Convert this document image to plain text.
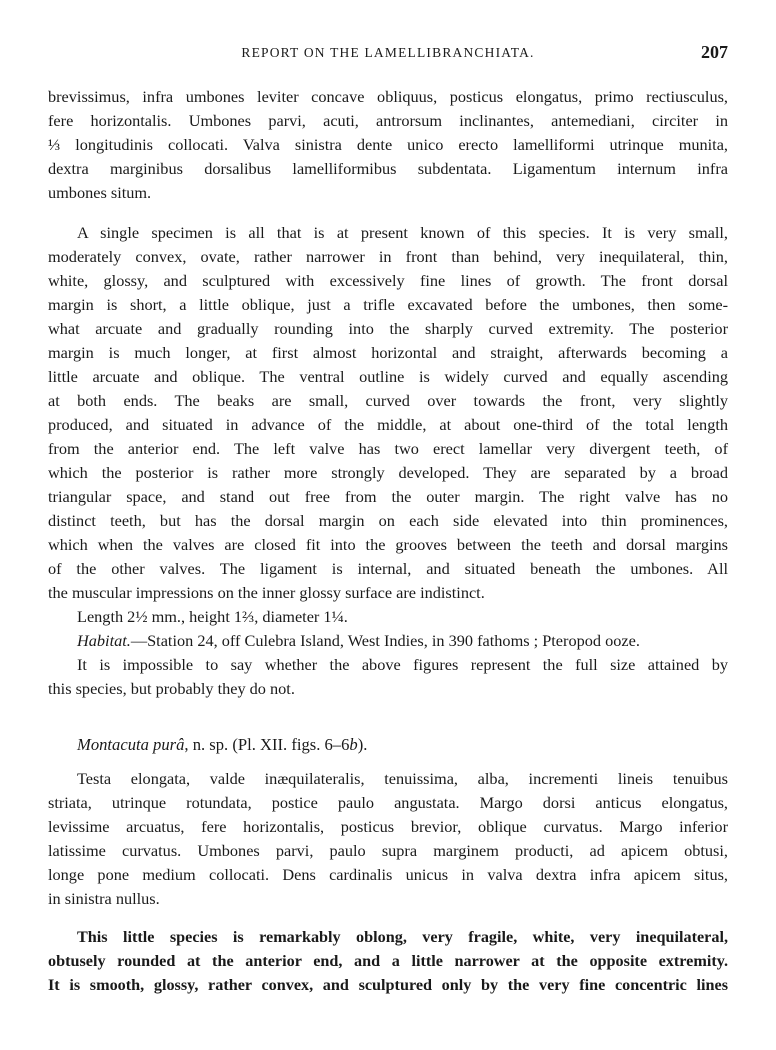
REPORT ON THE LAMELLIBRANCHIATA.	207
brevissimus, infra umbones leviter concave obliquus, posticus elongatus, primo rectiusculus,
fere horizontalis. Umbones parvi, acuti, antrorsum inclinantes, antemediani, circiter in
⅓ longitudinis collocati. Valva sinistra dente unico erecto lamelliformi utrinque munita,
dextra marginibus dorsalibus lamelliformibus subdentata. Ligamentum internum infra
umbones situm.
A single specimen is all that is at present known of this species. It is very small,
moderately convex, ovate, rather narrower in front than behind, very inequilateral, thin,
white, glossy, and sculptured with excessively fine lines of growth. The front dorsal
margin is short, a little oblique, just a trifle excavated before the umbones, then some-
what arcuate and gradually rounding into the sharply curved extremity. The posterior
margin is much longer, at first almost horizontal and straight, afterwards becoming a
little arcuate and oblique. The ventral outline is widely curved and equally ascending
at both ends. The beaks are small, curved over towards the front, very slightly
produced, and situated in advance of the middle, at about one-third of the total length
from the anterior end. The left valve has two erect lamellar very divergent teeth, of
which the posterior is rather more strongly developed. They are separated by a broad
triangular space, and stand out free from the outer margin. The right valve has no
distinct teeth, but has the dorsal margin on each side elevated into thin prominences,
which when the valves are closed fit into the grooves between the teeth and dorsal margins
of the other valves. The ligament is internal, and situated beneath the umbones. All
the muscular impressions on the inner glossy surface are indistinct.
Length 2½ mm., height 1⅔, diameter 1¼.
Habitat.—Station 24, off Culebra Island, West Indies, in 390 fathoms ; Pteropod ooze.
It is impossible to say whether the above figures represent the full size attained by
this species, but probably they do not.
Montacuta purâ, n. sp. (Pl. XII. figs. 6–6b).
Testa elongata, valde inæquilateralis, tenuissima, alba, incrementi lineis tenuibus
striata, utrinque rotundata, postice paulo angustata. Margo dorsi anticus elongatus,
levissime arcuatus, fere horizontalis, posticus brevior, oblique curvatus. Margo inferior
latissime curvatus. Umbones parvi, paulo supra marginem producti, ad apicem obtusi,
longe pone medium collocati. Dens cardinalis unicus in valva dextra infra apicem situs,
in sinistra nullus.
This little species is remarkably oblong, very fragile, white, very inequilateral,
obtusely rounded at the anterior end, and a little narrower at the opposite extremity.
It is smooth, glossy, rather convex, and sculptured only by the very fine concentric lines
